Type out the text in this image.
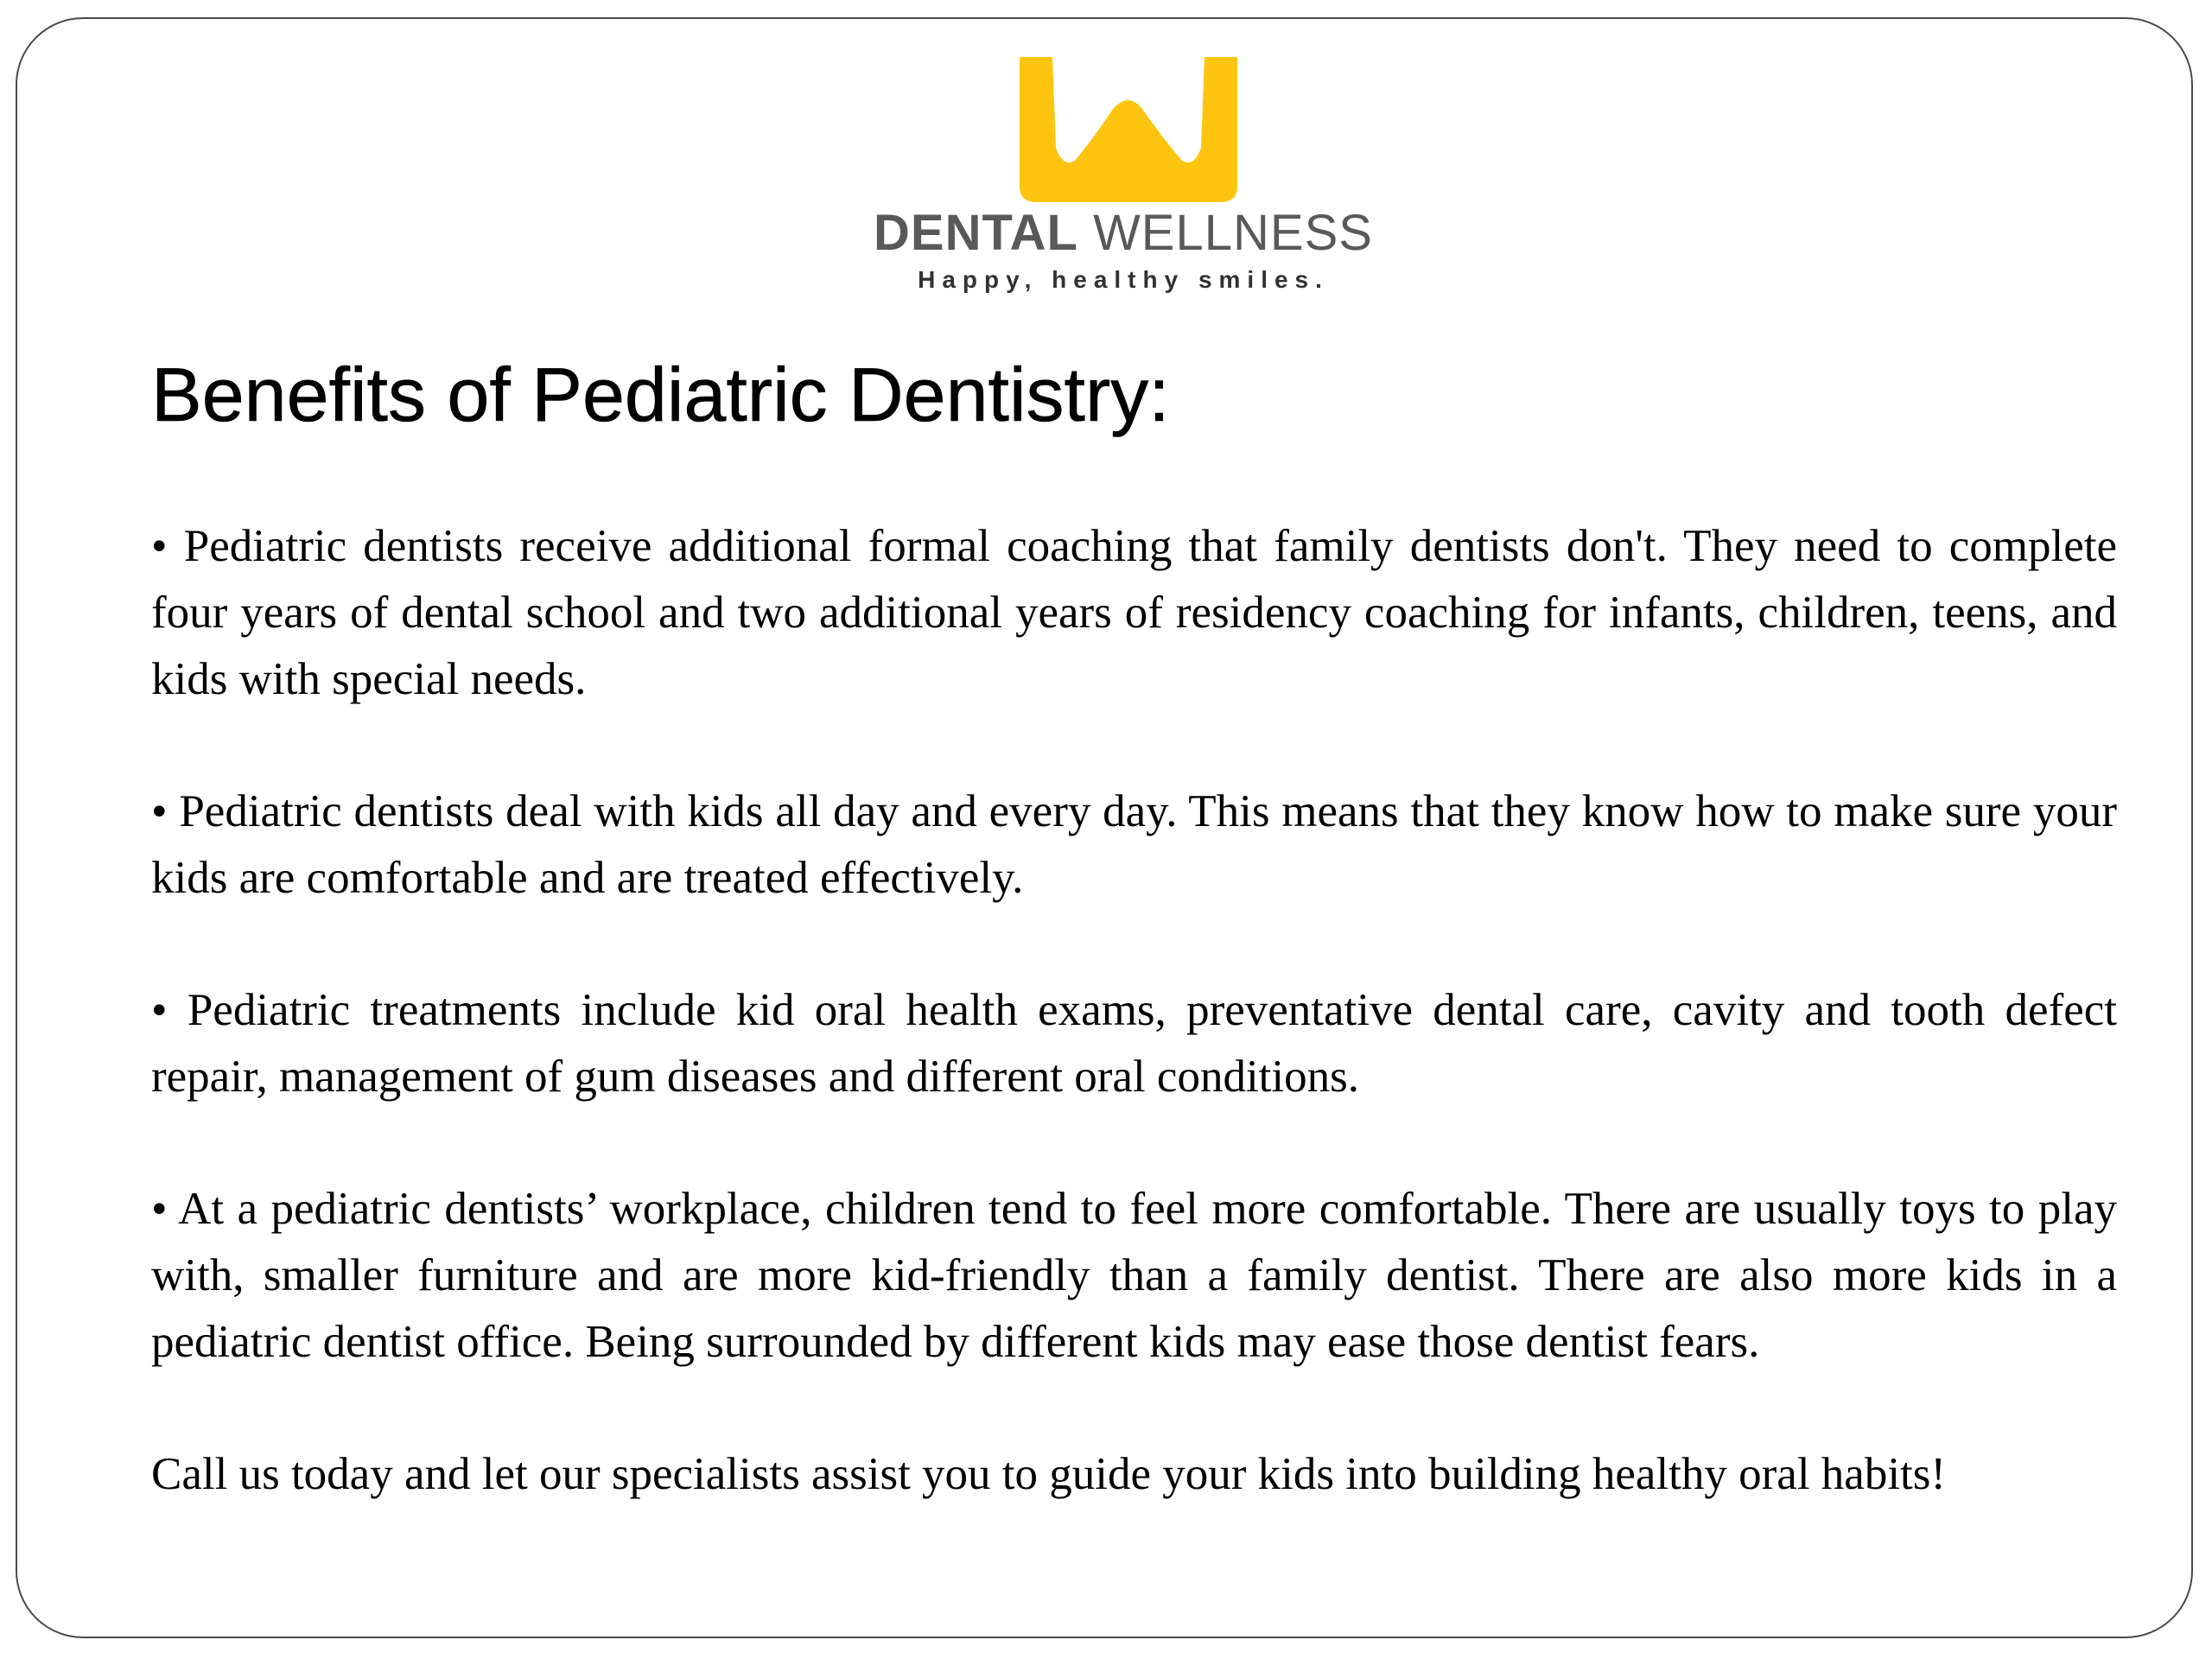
DENTAL WELLNESS
Happy, healthy smiles.
Benefits of Pediatric Dentistry:

• Pediatric dentists receive additional formal coaching that family dentists don't. They need to complete four years of dental school and two additional years of residency coaching for infants, children, teens, and kids with special needs.

• Pediatric dentists deal with kids all day and every day. This means that they know how to make sure your kids are comfortable and are treated effectively.

• Pediatric treatments include kid oral health exams, preventative dental care, cavity and tooth defect repair, management of gum diseases and different oral conditions.

• At a pediatric dentists’ workplace, children tend to feel more comfortable. There are usually toys to play with, smaller furniture and are more kid-friendly than a family dentist. There are also more kids in a pediatric dentist office. Being surrounded by different kids may ease those dentist fears.

Call us today and let our specialists assist you to guide your kids into building healthy oral habits!
